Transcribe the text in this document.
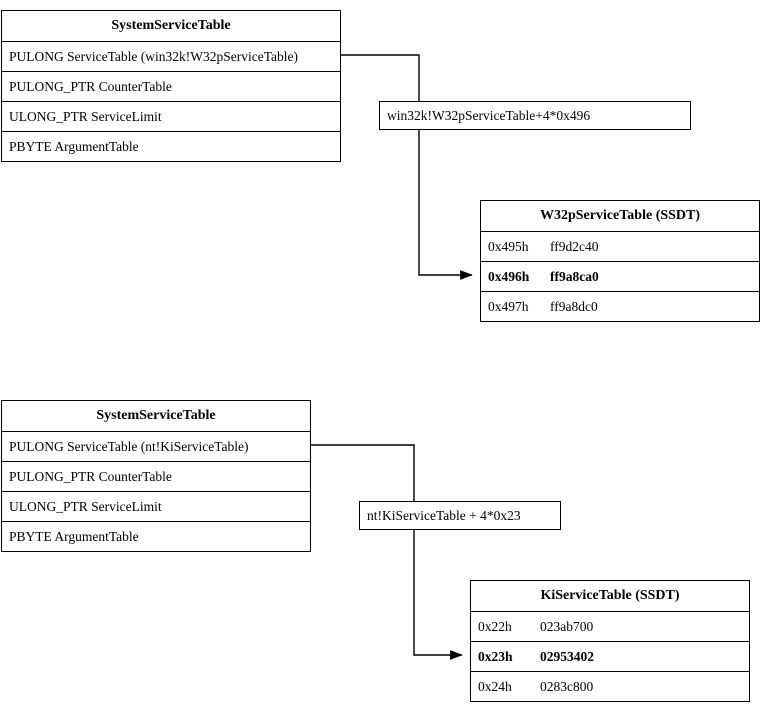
SystemServiceTable
PULONG ServiceTable (win32k!W32pServiceTable)
PULONG_PTR CounterTable
ULONG_PTR ServiceLimit
PBYTE ArgumentTable
win32k!W32pServiceTable+4*0x496
W32pServiceTable (SSDT)
0x495h	ff9d2c40
0x496h	ff9a8ca0
0x497h	ff9a8dc0
SystemServiceTable
PULONG ServiceTable (nt!KiServiceTable)
PULONG_PTR CounterTable
ULONG_PTR ServiceLimit
PBYTE ArgumentTable
nt!KiServiceTable + 4*0x23
KiServiceTable (SSDT)
0x22h	023ab700
0x23h	02953402
0x24h	0283c800
